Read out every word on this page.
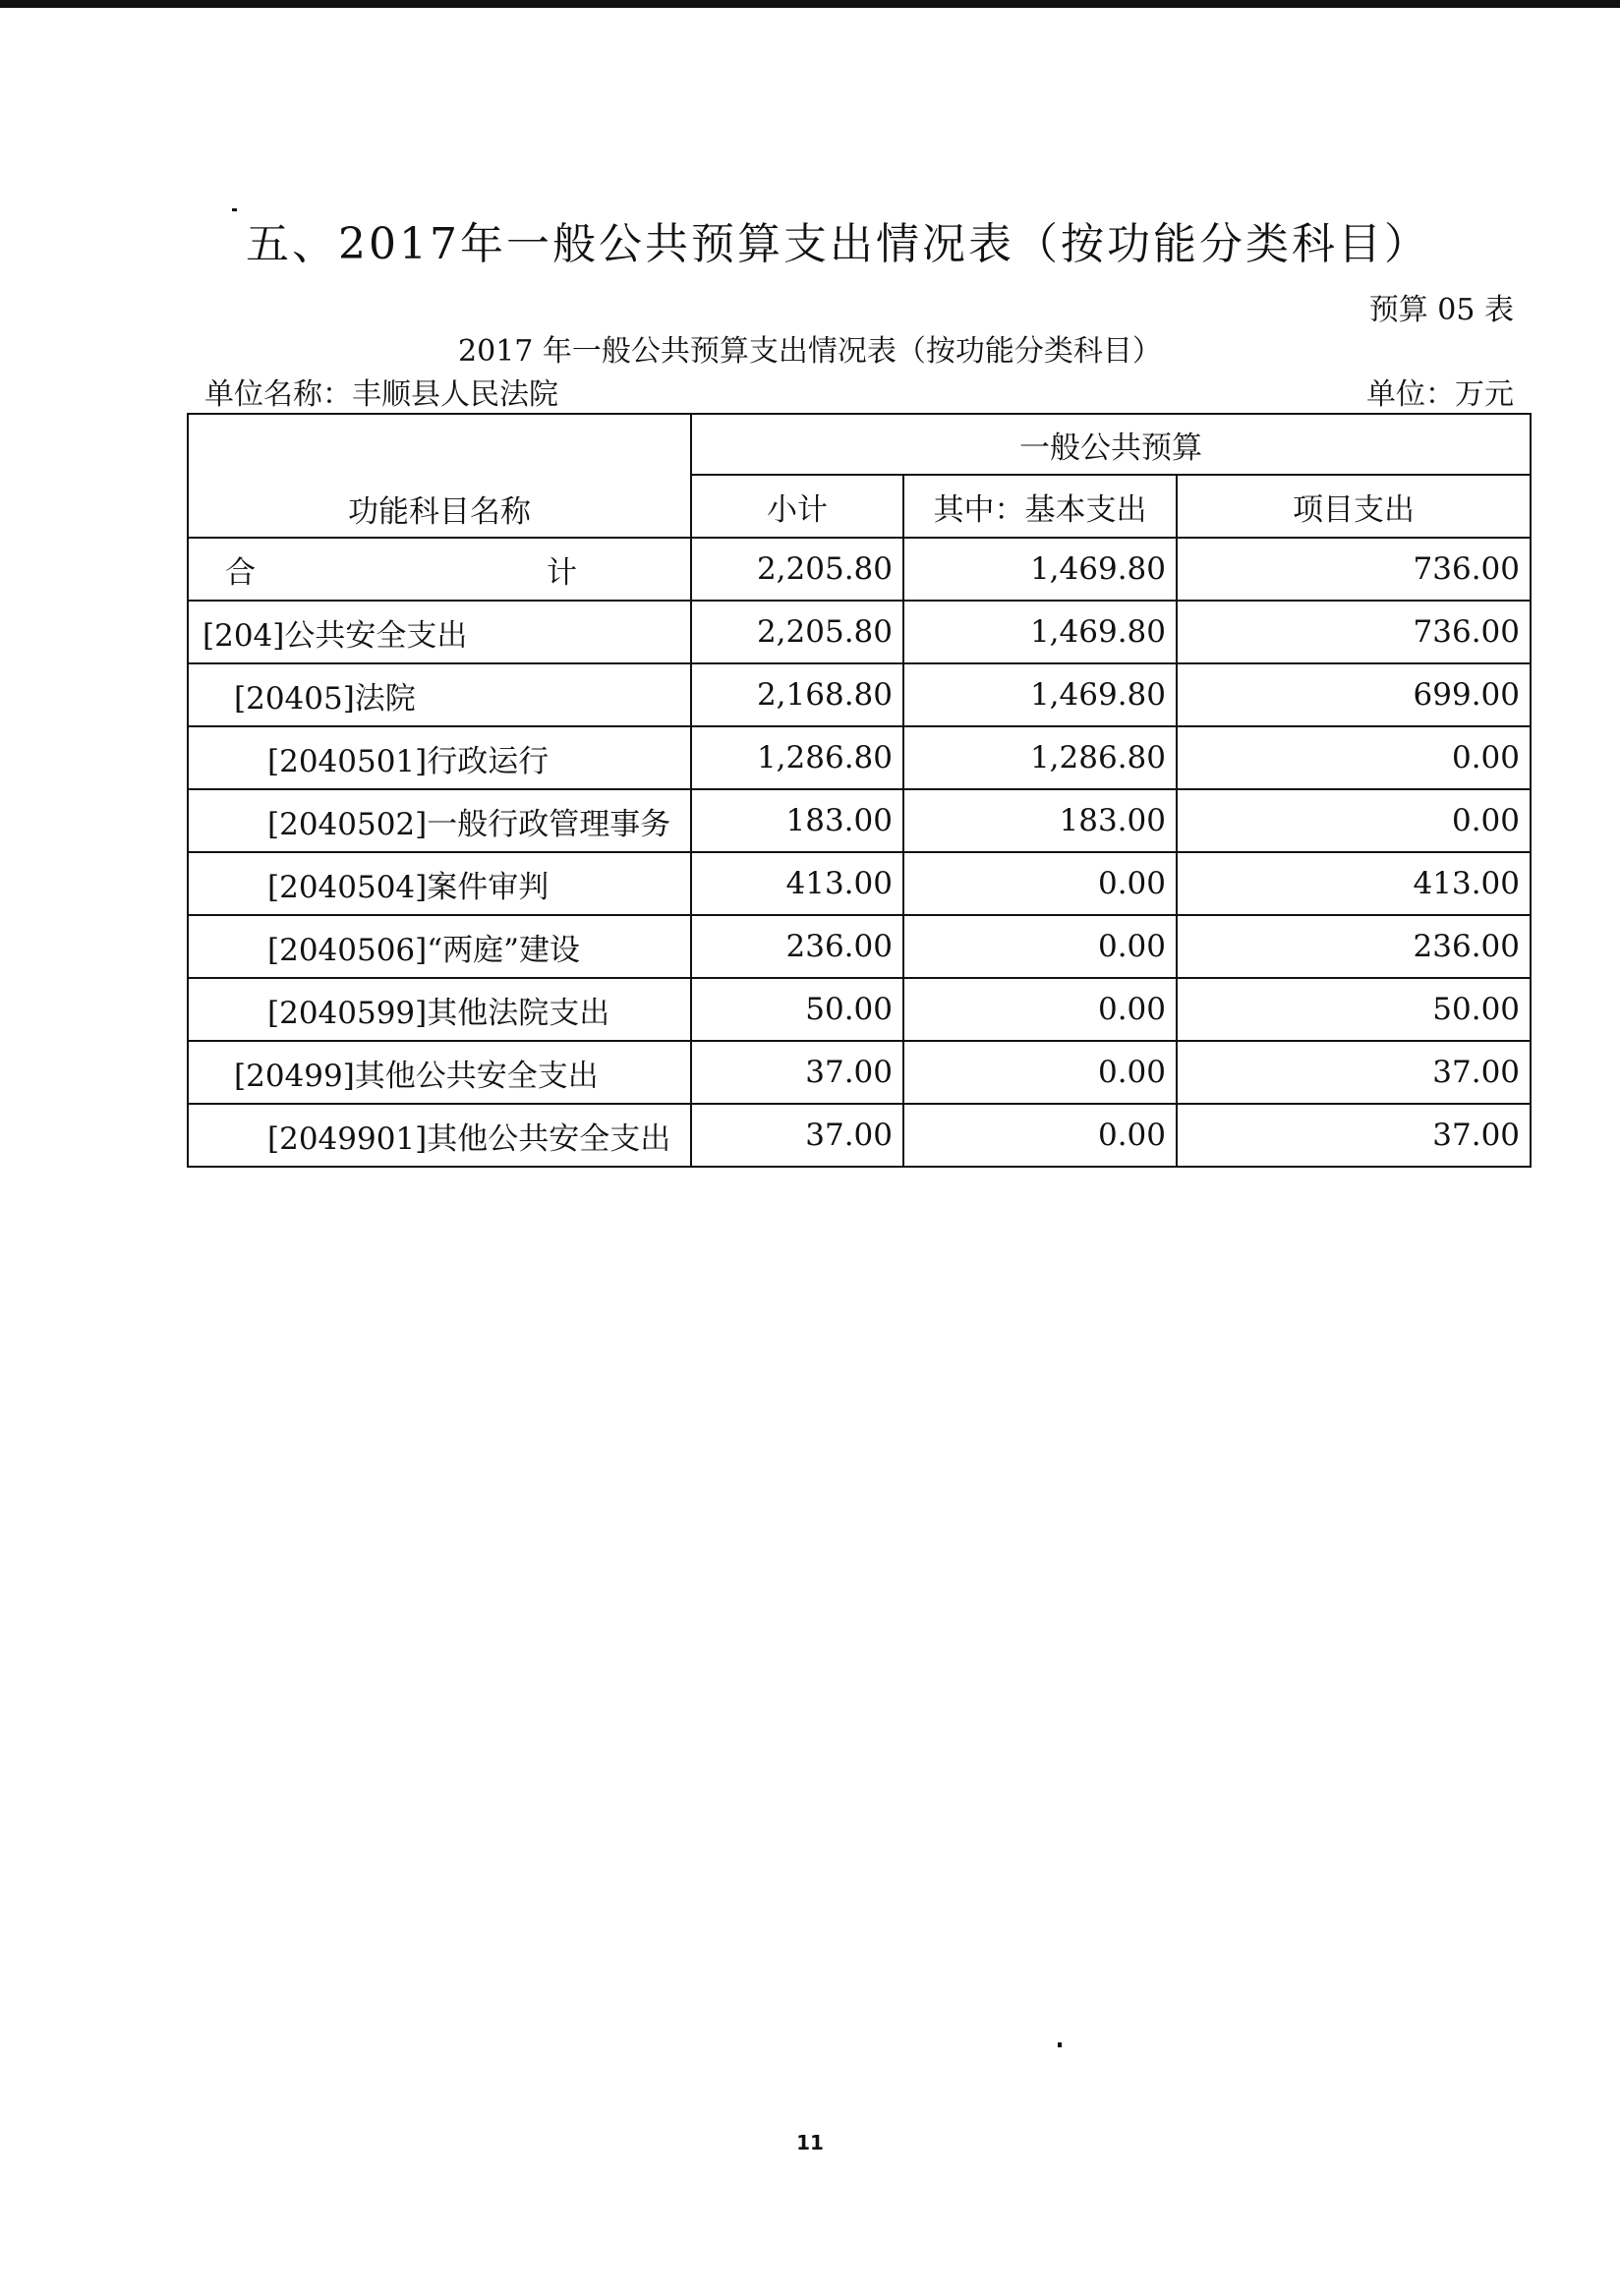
五、2017年一般公共预算支出情况表（按功能分类科目）
预算 05 表
2017 年一般公共预算支出情况表（按功能分类科目）
单位名称：丰顺县人民法院	单位：万元
功能科目名称	一般公共预算		
	小计	其中：基本支出	项目支出
合　　计	2,205.80	1,469.80	736.00
[204]公共安全支出	2,205.80	1,469.80	736.00
[20405]法院	2,168.80	1,469.80	699.00
[2040501]行政运行	1,286.80	1,286.80	0.00
[2040502]一般行政管理事务	183.00	183.00	0.00
[2040504]案件审判	413.00	0.00	413.00
[2040506]“两庭”建设	236.00	0.00	236.00
[2040599]其他法院支出	50.00	0.00	50.00
[20499]其他公共安全支出	37.00	0.00	37.00
[2049901]其他公共安全支出	37.00	0.00	37.00
11
